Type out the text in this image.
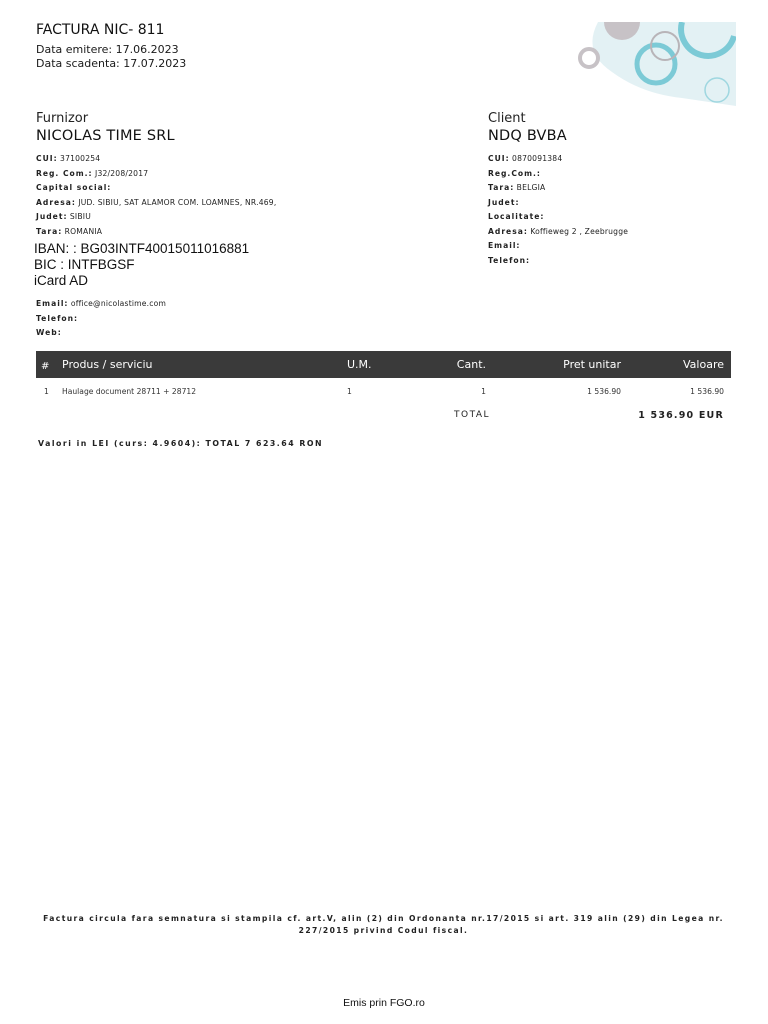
FACTURA NIC- 811
Data emitere: 17.06.2023
Data scadenta: 17.07.2023
Furnizor
NICOLAS TIME SRL
CUI: 37100254
Reg. Com.: J32/208/2017
Capital social:
Adresa: JUD. SIBIU, SAT ALAMOR COM. LOAMNES, NR.469,
Judet: SIBIU
Tara: ROMANIA
IBAN: : BG03INTF40015011016881
BIC : INTFBGSF
iCard AD
Email: office@nicolastime.com
Telefon:
Web:
Client
NDQ BVBA
CUI: 0870091384
Reg.Com.:
Tara: BELGIA
Judet:
Localitate:
Adresa: Koffieweg 2 , Zeebrugge
Email:
Telefon:
# Produs / serviciu	U.M.	Cant.	Pret unitar	Valoare
1 Haulage document 28711 + 28712	1	1	1 536.90	1 536.90
TOTAL	1 536.90 EUR
Valori in LEI (curs: 4.9604): TOTAL 7 623.64 RON
Factura circula fara semnatura si stampila cf. art.V, alin (2) din Ordonanta nr.17/2015 si art. 319 alin (29) din Legea nr. 227/2015 privind Codul fiscal.
Emis prin FGO.ro
